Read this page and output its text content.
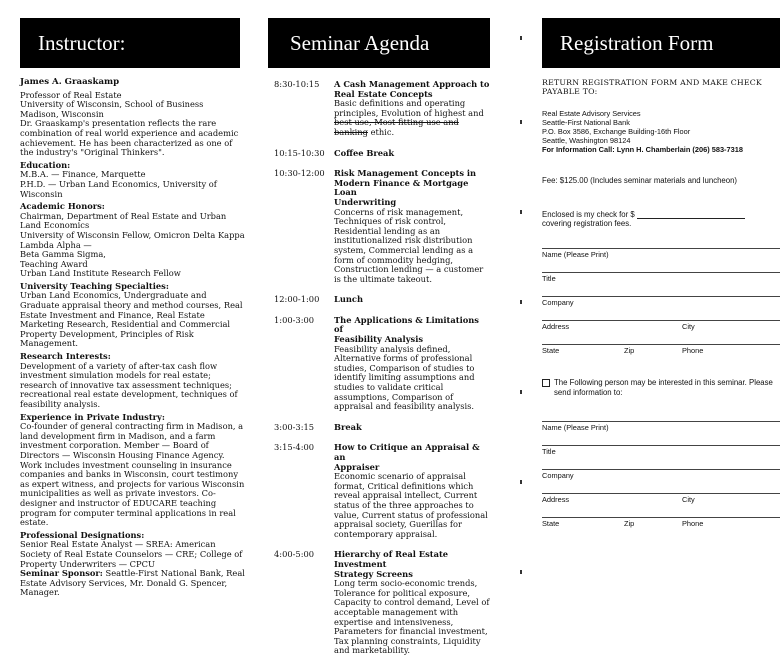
Instructor:
James A. Graaskamp
Professor of Real Estate
University of Wisconsin, School of Business
Madison, Wisconsin
Dr. Graaskamp's presentation reflects the rare combination of real world experience and academic achievement. He has been characterized as one of the industry's "Original Thinkers".
Education:
M.B.A. — Finance, Marquette
P.H.D. — Urban Land Economics, University of Wisconsin
Academic Honors:
Chairman, Department of Real Estate and Urban Land Economics
University of Wisconsin Fellow, Omicron Delta Kappa
Lambda Alpha —
Beta Gamma Sigma,
Teaching Award
Urban Land Institute Research Fellow
University Teaching Specialties:
Urban Land Economics, Undergraduate and Graduate appraisal theory and method courses, Real Estate Investment and Finance, Real Estate Marketing Research, Residential and Commercial Property Development, Principles of Risk Management.
Research Interests:
Development of a variety of after-tax cash flow investment simulation models for real estate; research of innovative tax assessment techniques; recreational real estate development, techniques of feasibility analysis.
Experience in Private Industry:
Co-founder of general contracting firm in Madison, a land development firm in Madison, and a farm investment corporation. Member — Board of Directors — Wisconsin Housing Finance Agency. Work includes investment counseling in insurance companies and banks in Wisconsin, court testimony as expert witness, and projects for various Wisconsin municipalities as well as private investors. Co-designer and instructor of EDUCARE teaching program for computer terminal applications in real estate.
Professional Designations:
Senior Real Estate Analyst — SREA: American Society of Real Estate Counselors — CRE; College of Property Underwriters — CPCU
Seminar Sponsor: Seattle-First National Bank, Real Estate Advisory Services, Mr. Donald G. Spencer, Manager.
Seminar Agenda
8:30-10:15	A Cash Management Approach to
Real Estate Concepts
Basic definitions and operating principles, Evolution of highest and best use, Most fitting use and banking ethic.
10:15-10:30	Coffee Break
10:30-12:00	Risk Management Concepts in
Modern Finance & Mortgage Loan
Underwriting
Concerns of risk management, Techniques of risk control, Residential lending as an institutionalized risk distribution system, Commercial lending as a form of commodity hedging, Construction lending — a customer is the ultimate takeout.
12:00-1:00	Lunch
1:00-3:00	The Applications & Limitations of
Feasibility Analysis
Feasibility analysis defined, Alternative forms of professional studies, Comparison of studies to identify limiting assumptions and studies to validate critical assumptions, Comparison of appraisal and feasibility analysis.
3:00-3:15	Break
3:15-4:00	How to Critique an Appraisal & an
Appraiser
Economic scenario of appraisal format, Critical definitions which reveal appraisal intellect, Current status of the three approaches to value, Current status of professional appraisal society, Guerillas for contemporary appraisal.
4:00-5:00	Hierarchy of Real Estate Investment
Strategy Screens
Long term socio-economic trends, Tolerance for political exposure, Capacity to control demand, Level of acceptable management with expertise and intensiveness, Parameters for financial investment, Tax planning constraints, Liquidity and marketability.
Registration Form
RETURN REGISTRATION FORM AND MAKE CHECK
PAYABLE TO:
Real Estate Advisory Services
Seattle-First National Bank
P.O. Box 3586, Exchange Building-16th Floor
Seattle, Washington 98124
For Information Call: Lynn H. Chamberlain (206) 583-7318
Fee: $125.00 (Includes seminar materials and luncheon)
Enclosed is my check for $
covering registration fees.
Name (Please Print)
Title
Company
Address	City
State	Zip	Phone
The Following person may be interested in this seminar. Please send information to:
Name (Please Print)
Title
Company
Address	City
State	Zip	Phone
